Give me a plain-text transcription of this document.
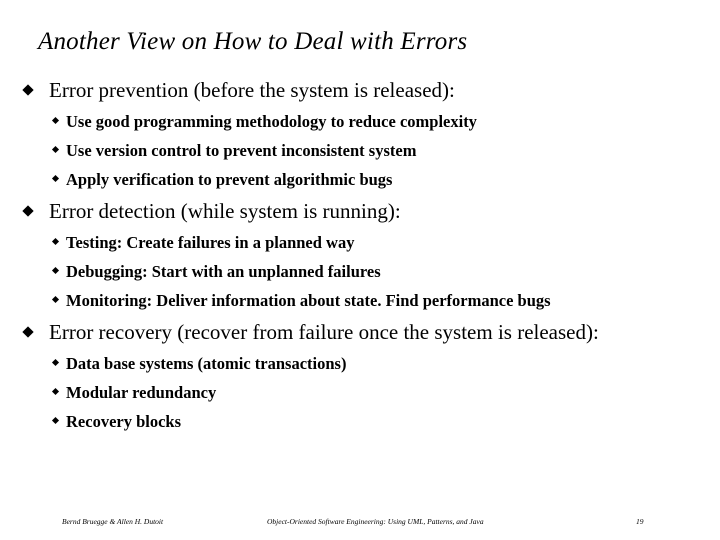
Another View on How to Deal with Errors
Error prevention (before the system is released):
Use good programming methodology to reduce complexity
Use version control to prevent inconsistent system
Apply verification to prevent algorithmic bugs
Error detection (while system is running):
Testing: Create failures in a planned way
Debugging: Start with an unplanned failures
Monitoring: Deliver information about state. Find performance bugs
Error recovery (recover from failure once the system is released):
Data base systems (atomic transactions)
Modular redundancy
Recovery blocks
Bernd Bruegge & Allen H. Dutoit	Object-Oriented Software Engineering: Using UML, Patterns, and Java	19
